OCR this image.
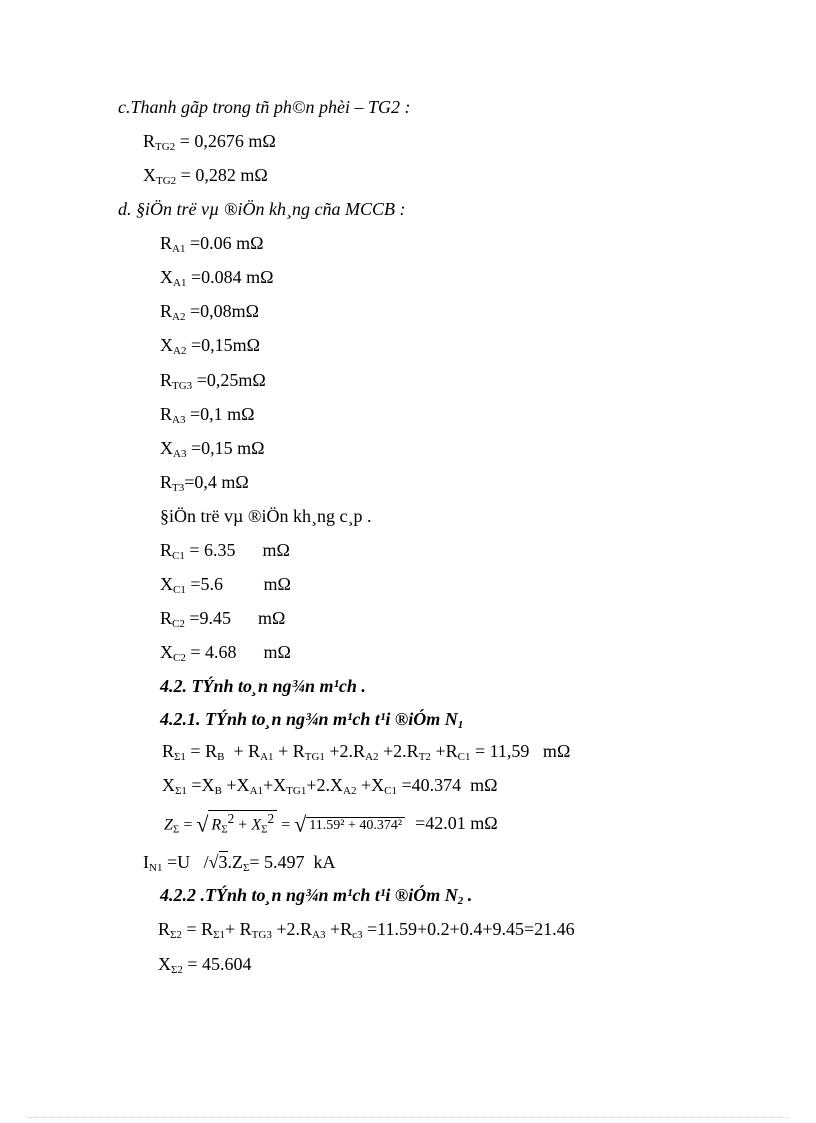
c.Thanh gãp trong tñ ph©n phèi – TG2 :
$R_{TG2} = 0,2676$ mΩ
$X_{TG2} = 0,282$ mΩ
d. §iÖn trë vµ ®iÖn kh¸ng cña MCCB :
$R_{A1} =0.06$ mΩ
$X_{A1} =0.084$ mΩ
$R_{A2} =0,08m\Omega$
$X_{A2} =0,15m\Omega$
$R_{TG3} =0,25m\Omega$
$R_{A3} =0,1$ mΩ
$X_{A3} =0,15$ mΩ
$R_{T3}=0,4$ mΩ
§iÖn trë vµ ®iÖn kh¸ng c¸p .
$R_{C1} = 6.35$      mΩ
$X_{C1} =5.6$         mΩ
$R_{C2} =9.45$      mΩ
$X_{C2} = 4.68$      mΩ
4.2. TÝnh to¸n ng¾n m¹ch .
4.2.1. TÝnh to¸n ng¾n m¹ch t¹i ®iÓm $N_1$
$R_{\Sigma 1} = R_B + R_{A1} + R_{TG1} +2.R_{A2} +2.R_{T2} +R_{C1} = 11,59$   mΩ
$X_{\Sigma 1} =X_B +X_{A1}+X_{TG1}+2.X_{A2} +X_{C1} =40.374$  mΩ
$Z_\Sigma$ = √ $R_\Sigma^2 + X_\Sigma^2$ = √ 11.59² + 40.374² =42.01 mΩ
$I_{N1} =U$   $/√3.Z_\Sigma= 5.497$  kA
4.2.2 .TÝnh to¸n ng¾n m¹ch t¹i ®iÓm $N_2$ .
$R_{\Sigma 2} = R_{\Sigma 1}+ R_{TG3} +2.R_{A3} +R_{c3} =11.59+0.2+0.4+9.45=21.46$
$X_{\Sigma 2} = 45.604$
